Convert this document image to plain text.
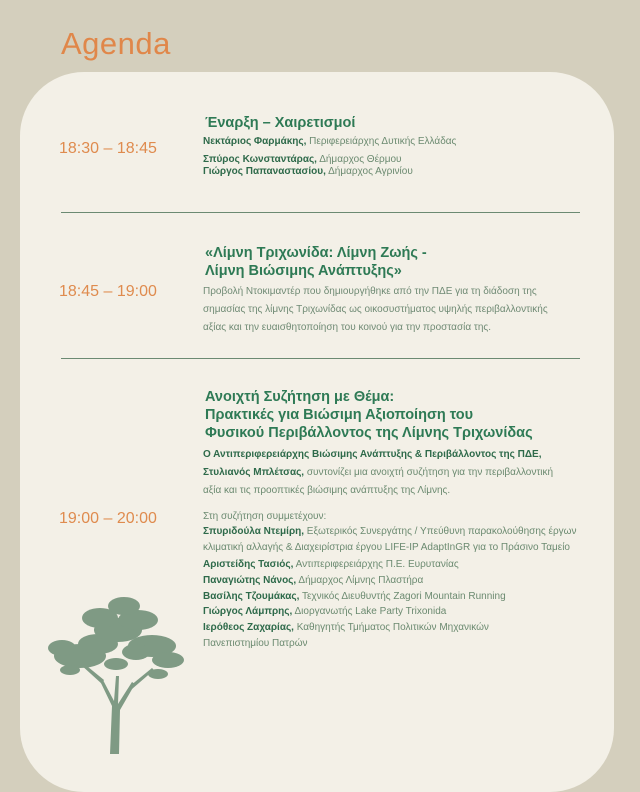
Agenda
18:30 – 18:45
Έναρξη – Χαιρετισμοί
Νεκτάριος Φαρμάκης, Περιφερειάρχης Δυτικής Ελλάδας
Σπύρος Κωνσταντάρας, Δήμαρχος Θέρμου
Γιώργος Παπαναστασίου, Δήμαρχος Αγρινίου
18:45 – 19:00
«Λίμνη Τριχωνίδα: Λίμνη Ζωής -
Λίμνη Βιώσιμης Ανάπτυξης»
Προβολή Ντοκιμαντέρ που δημιουργήθηκε από την ΠΔΕ για τη διάδοση της
σημασίας της λίμνης Τριχωνίδας ως οικοσυστήματος υψηλής περιβαλλοντικής
αξίας και την ευαισθητοποίηση του κοινού για την προστασία της.
19:00 – 20:00
Ανοιχτή Συζήτηση με Θέμα:
Πρακτικές για Βιώσιμη Αξιοποίηση του
Φυσικού Περιβάλλοντος της Λίμνης Τριχωνίδας
Ο Αντιπεριφερειάρχης Βιώσιμης Ανάπτυξης & Περιβάλλοντος της ΠΔΕ,
Στυλιανός Μπλέτσας, συντονίζει μια ανοιχτή συζήτηση για την περιβαλλοντική
αξία και τις προοπτικές βιώσιμης ανάπτυξης της Λίμνης.
Στη συζήτηση συμμετέχουν:
Σπυριδούλα Ντεμίρη, Εξωτερικός Συνεργάτης / Υπεύθυνη παρακολούθησης έργων
κλιματική αλλαγής & Διαχειρίστρια έργου LIFE-IP AdaptInGR για το Πράσινο Ταμείο
Αριστείδης Τασιός, Αντιπεριφερειάρχης Π.Ε. Ευρυτανίας
Παναγιώτης Νάνος, Δήμαρχος Λίμνης Πλαστήρα
Βασίλης Τζουμάκας, Τεχνικός Διευθυντής Zagori Mountain Running
Γιώργος Λάμπρης, Διοργανωτής Lake Party Trixonida
Ιερόθεος Ζαχαρίας, Καθηγητής Τμήματος Πολιτικών Μηχανικών
Πανεπιστημίου Πατρών
